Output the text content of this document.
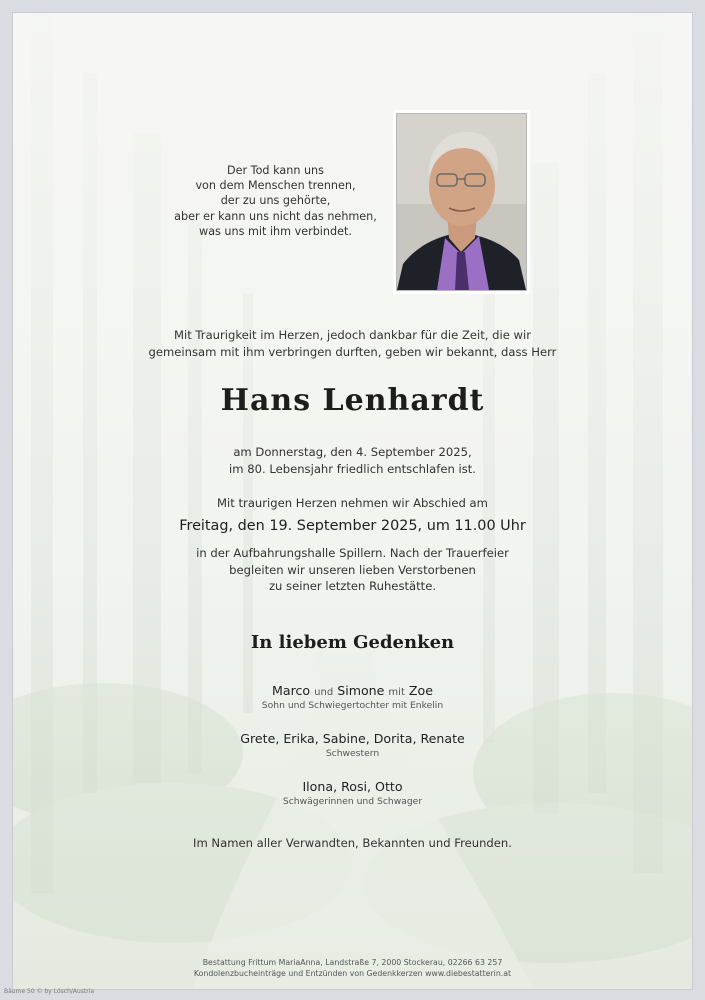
Der Tod kann uns
von dem Menschen trennen,
der zu uns gehörte,
aber er kann uns nicht das nehmen,
was uns mit ihm verbindet.
Mit Traurigkeit im Herzen, jedoch dankbar für die Zeit, die wir
gemeinsam mit ihm verbringen durften, geben wir bekannt, dass Herr
Hans Lenhardt
am Donnerstag, den 4. September 2025,
im 80. Lebensjahr friedlich entschlafen ist.
Mit traurigen Herzen nehmen wir Abschied am
Freitag, den 19. September 2025, um 11.00 Uhr
in der Aufbahrungshalle Spillern. Nach der Trauerfeier
begleiten wir unseren lieben Verstorbenen
zu seiner letzten Ruhestätte.
In liebem Gedenken
Marco und Simone mit Zoe
Sohn und Schwiegertochter mit Enkelin
Grete, Erika, Sabine, Dorita, Renate
Schwestern
Ilona, Rosi, Otto
Schwägerinnen und Schwager
Im Namen aller Verwandten, Bekannten und Freunden.
Bestattung Frittum MariaAnna, Landstraße 7, 2000 Stockerau, 02266 63 257
Kondolenzbucheinträge und Entzünden von Gedenkkerzen www.diebestatterin.at
Bäume 50 © by Lösch/Austria
